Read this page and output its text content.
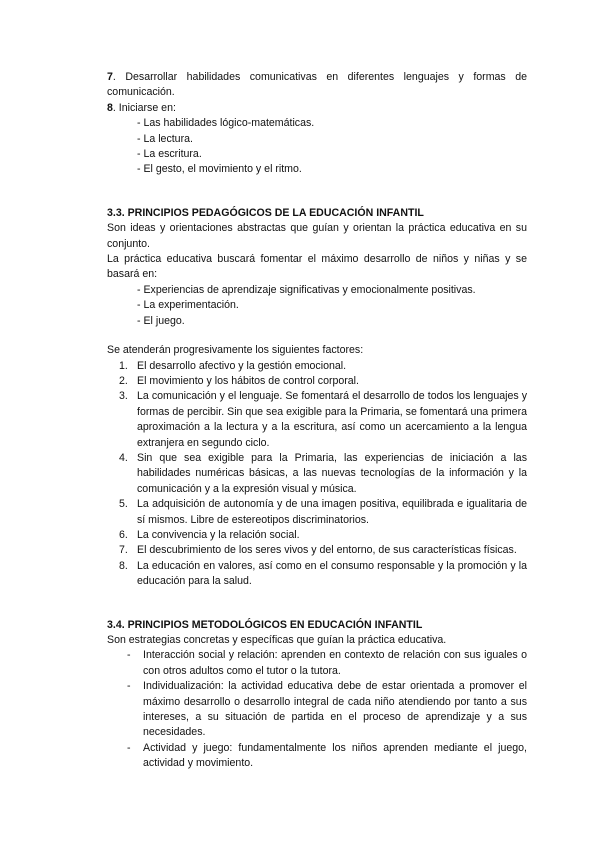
7. Desarrollar habilidades comunicativas en diferentes lenguajes y formas de comunicación.

8. Iniciarse en:

- Las habilidades lógico-matemáticas.

- La lectura.

- La escritura.

- El gesto, el movimiento y el ritmo.

3.3. PRINCIPIOS PEDAGÓGICOS DE LA EDUCACIÓN INFANTIL

Son ideas y orientaciones abstractas que guían y orientan la práctica educativa en su conjunto.

La práctica educativa buscará fomentar el máximo desarrollo de niños y niñas y se basará en:

- Experiencias de aprendizaje significativas y emocionalmente positivas.

- La experimentación.

- El juego.

Se atenderán progresivamente los siguientes factores:

1. El desarrollo afectivo y la gestión emocional.
2. El movimiento y los hábitos de control corporal.
3. La comunicación y el lenguaje. Se fomentará el desarrollo de todos los lenguajes y formas de percibir. Sin que sea exigible para la Primaria, se fomentará una primera aproximación a la lectura y a la escritura, así como un acercamiento a la lengua extranjera en segundo ciclo.
4. Sin que sea exigible para la Primaria, las experiencias de iniciación a las habilidades numéricas básicas, a las nuevas tecnologías de la información y la comunicación y a la expresión visual y música.
5. La adquisición de autonomía y de una imagen positiva, equilibrada e igualitaria de sí mismos. Libre de estereotipos discriminatorios.
6. La convivencia y la relación social.
7. El descubrimiento de los seres vivos y del entorno, de sus características físicas.
8. La educación en valores, así como en el consumo responsable y la promoción y la educación para la salud.

3.4. PRINCIPIOS METODOLÓGICOS EN EDUCACIÓN INFANTIL

Son estrategias concretas y específicas que guían la práctica educativa.

- Interacción social y relación: aprenden en contexto de relación con sus iguales o con otros adultos como el tutor o la tutora.
- Individualización: la actividad educativa debe de estar orientada a promover el máximo desarrollo o desarrollo integral de cada niño atendiendo por tanto a sus intereses, a su situación de partida en el proceso de aprendizaje y a sus necesidades.
- Actividad y juego: fundamentalmente los niños aprenden mediante el juego, actividad y movimiento.
